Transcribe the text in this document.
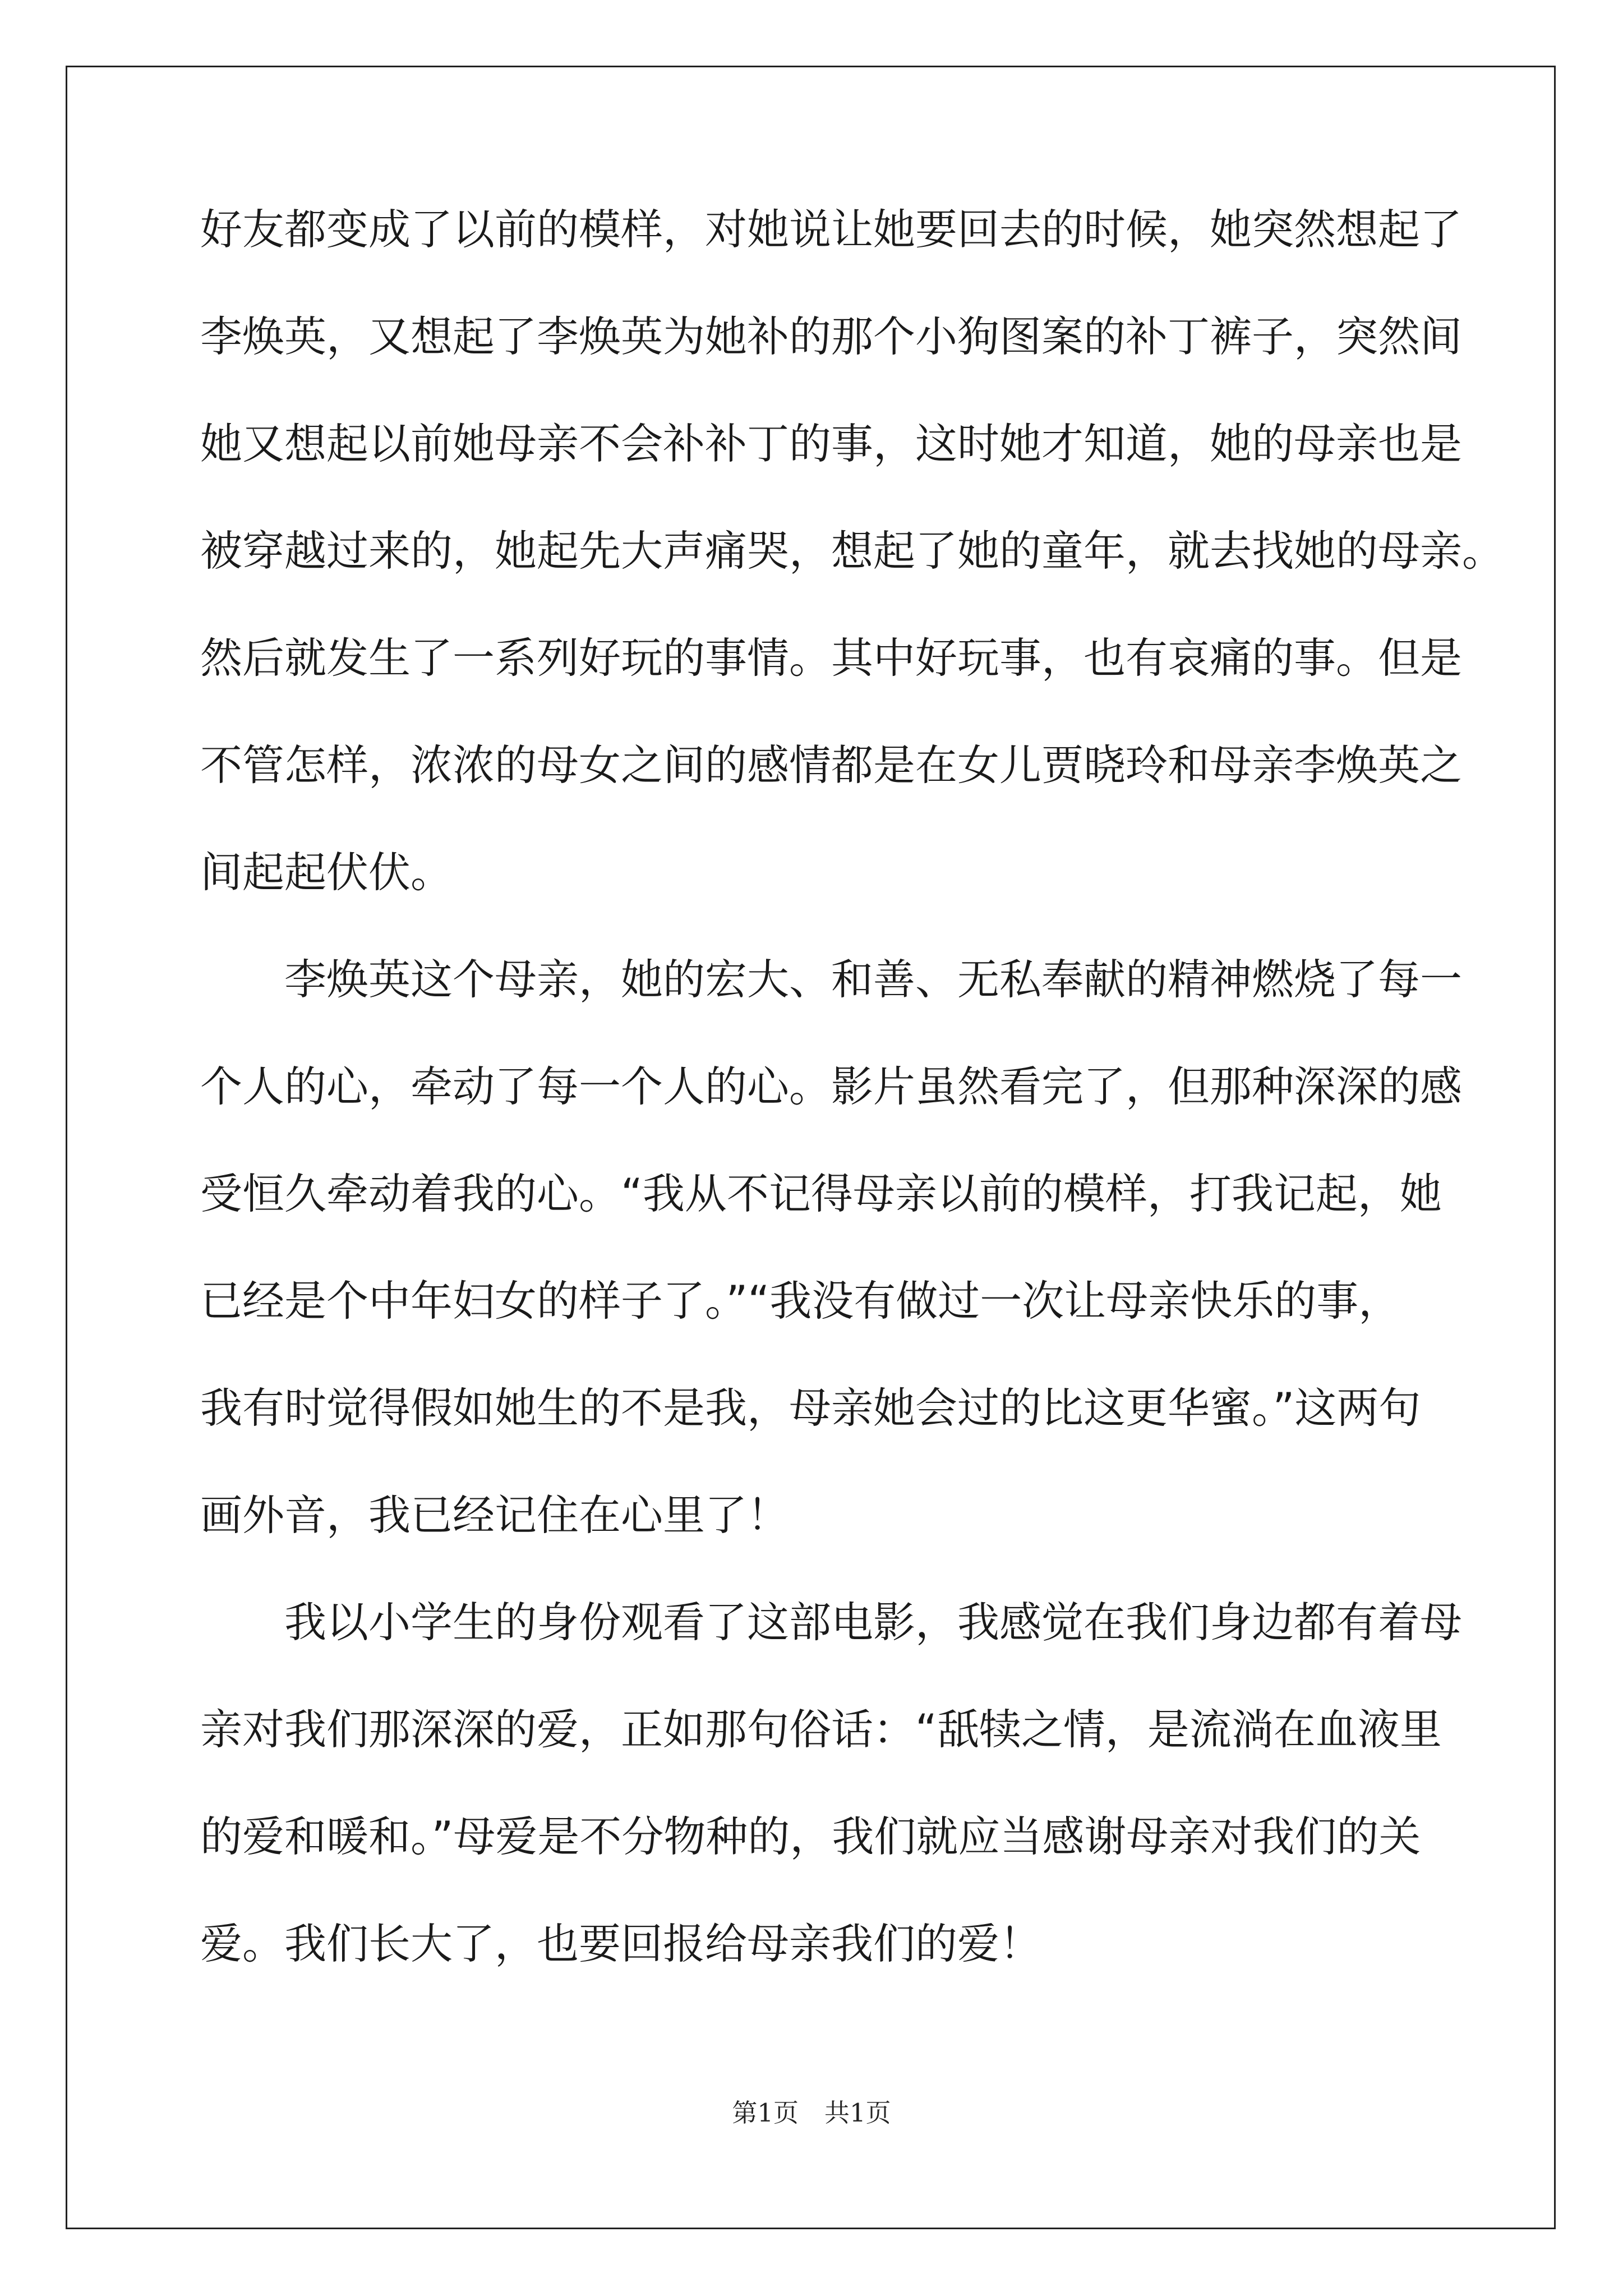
好友都变成了以前的模样，对她说让她要回去的时候，她突然想起了
李焕英，又想起了李焕英为她补的那个小狗图案的补丁裤子，突然间
她又想起以前她母亲不会补补丁的事，这时她才知道，她的母亲也是
被穿越过来的，她起先大声痛哭，想起了她的童年，就去找她的母亲。
然后就发生了一系列好玩的事情。其中好玩事，也有哀痛的事。但是
不管怎样，浓浓的母女之间的感情都是在女儿贾晓玲和母亲李焕英之
间起起伏伏。

李焕英这个母亲，她的宏大、和善、无私奉献的精神燃烧了每一
个人的心，牵动了每一个人的心。影片虽然看完了，但那种深深的感
受恒久牵动着我的心。“我从不记得母亲以前的模样，打我记起，她
已经是个中年妇女的样子了。”“我没有做过一次让母亲快乐的事，
我有时觉得假如她生的不是我，母亲她会过的比这更华蜜。”这两句
画外音，我已经记住在心里了！

我以小学生的身份观看了这部电影，我感觉在我们身边都有着母
亲对我们那深深的爱，正如那句俗话：“舐犊之情，是流淌在血液里
的爱和暖和。”母爱是不分物种的，我们就应当感谢母亲对我们的关
爱。我们长大了，也要回报给母亲我们的爱！

第1页 共1页
